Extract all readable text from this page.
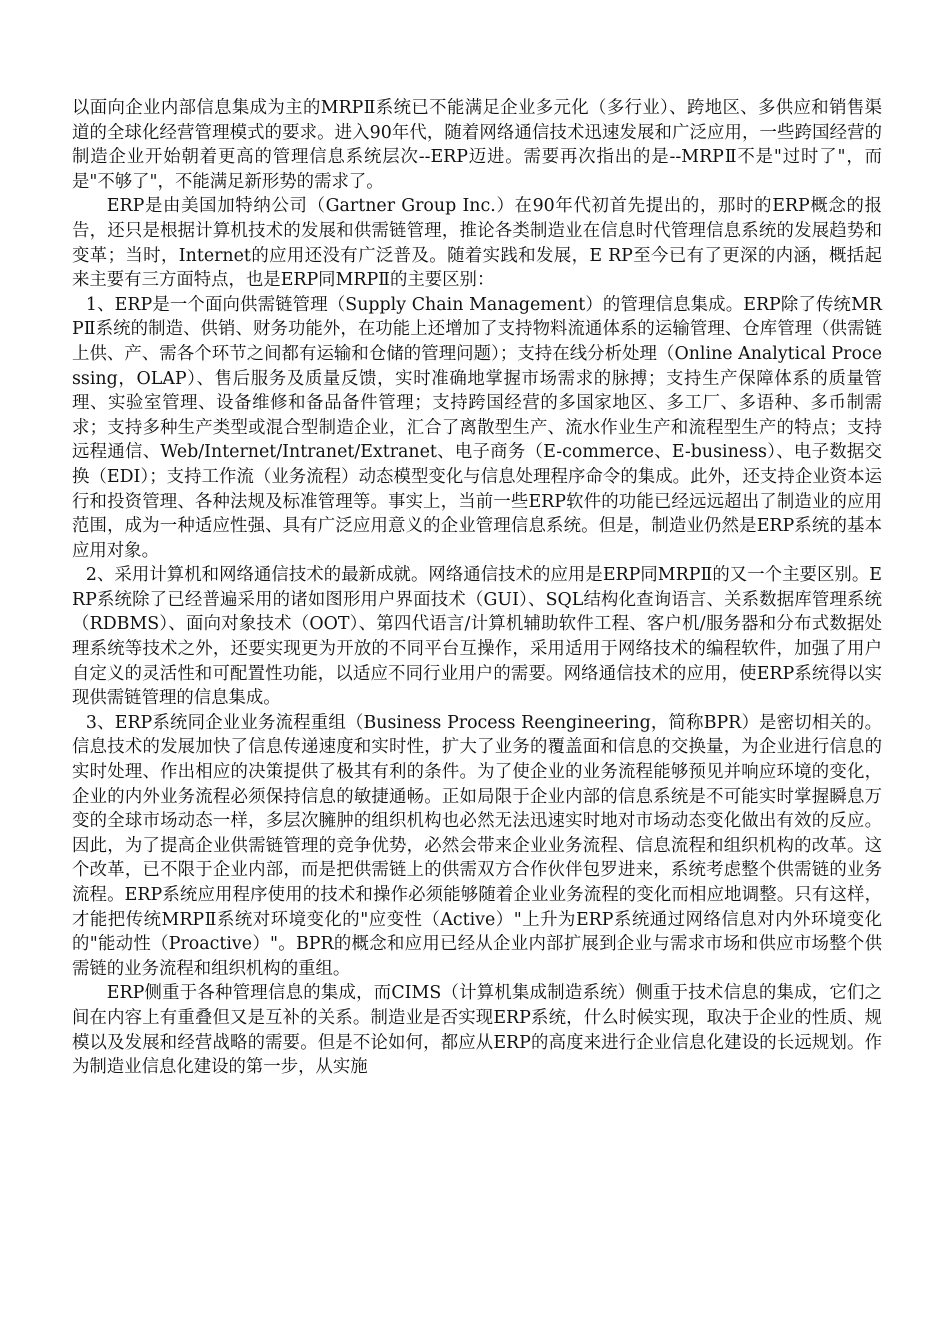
以面向企业内部信息集成为主的MRPⅡ系统已不能满足企业多元化（多行业）、跨地区、多供应和销售渠道的全球化经营管理模式的要求。进入90年代，随着网络通信技术迅速发展和广泛应用，一些跨国经营的制造企业开始朝着更高的管理信息系统层次--ERP迈进。需要再次指出的是--MRPⅡ不是"过时了"，而是"不够了"，不能满足新形势的需求了。

ERP是由美国加特纳公司（Gartner Group Inc.）在90年代初首先提出的，那时的ERP概念的报告，还只是根据计算机技术的发展和供需链管理，推论各类制造业在信息时代管理信息系统的发展趋势和变革；当时，Internet的应用还没有广泛普及。随着实践和发展，E RP至今已有了更深的内涵，概括起来主要有三方面特点，也是ERP同MRPⅡ的主要区别：

1、ERP是一个面向供需链管理（Supply Chain Management）的管理信息集成。ERP除了传统MRPⅡ系统的制造、供销、财务功能外，在功能上还增加了支持物料流通体系的运输管理、仓库管理（供需链上供、产、需各个环节之间都有运输和仓储的管理问题）；支持在线分析处理（Online Analytical Processing，OLAP）、售后服务及质量反馈，实时准确地掌握市场需求的脉搏；支持生产保障体系的质量管理、实验室管理、设备维修和备品备件管理；支持跨国经营的多国家地区、多工厂、多语种、多币制需求；支持多种生产类型或混合型制造企业，汇合了离散型生产、流水作业生产和流程型生产的特点；支持远程通信、Web/Internet/Intranet/Extranet、电子商务（E-commerce、E-business）、电子数据交换（EDI）；支持工作流（业务流程）动态模型变化与信息处理程序命令的集成。此外，还支持企业资本运行和投资管理、各种法规及标准管理等。事实上，当前一些ERP软件的功能已经远远超出了制造业的应用范围，成为一种适应性强、具有广泛应用意义的企业管理信息系统。但是，制造业仍然是ERP系统的基本应用对象。

2、采用计算机和网络通信技术的最新成就。网络通信技术的应用是ERP同MRPⅡ的又一个主要区别。ERP系统除了已经普遍采用的诸如图形用户界面技术（GUI）、SQL结构化查询语言、关系数据库管理系统（RDBMS）、面向对象技术（OOT）、第四代语言/计算机辅助软件工程、客户机/服务器和分布式数据处理系统等技术之外，还要实现更为开放的不同平台互操作，采用适用于网络技术的编程软件，加强了用户自定义的灵活性和可配置性功能，以适应不同行业用户的需要。网络通信技术的应用，使ERP系统得以实现供需链管理的信息集成。

3、ERP系统同企业业务流程重组（Business Process Reengineering，简称BPR）是密切相关的。信息技术的发展加快了信息传递速度和实时性，扩大了业务的覆盖面和信息的交换量，为企业进行信息的实时处理、作出相应的决策提供了极其有利的条件。为了使企业的业务流程能够预见并响应环境的变化，企业的内外业务流程必须保持信息的敏捷通畅。正如局限于企业内部的信息系统是不可能实时掌握瞬息万变的全球市场动态一样，多层次臃肿的组织机构也必然无法迅速实时地对市场动态变化做出有效的反应。因此，为了提高企业供需链管理的竞争优势，必然会带来企业业务流程、信息流程和组织机构的改革。这个改革，已不限于企业内部，而是把供需链上的供需双方合作伙伴包罗进来，系统考虑整个供需链的业务流程。ERP系统应用程序使用的技术和操作必须能够随着企业业务流程的变化而相应地调整。只有这样，才能把传统MRPⅡ系统对环境变化的"应变性（Active）"上升为ERP系统通过网络信息对内外环境变化的"能动性（Proactive）"。BPR的概念和应用已经从企业内部扩展到企业与需求市场和供应市场整个供需链的业务流程和组织机构的重组。

ERP侧重于各种管理信息的集成，而CIMS（计算机集成制造系统）侧重于技术信息的集成，它们之间在内容上有重叠但又是互补的关系。制造业是否实现ERP系统，什么时候实现，取决于企业的性质、规模以及发展和经营战略的需要。但是不论如何，都应从ERP的高度来进行企业信息化建设的长远规划。作为制造业信息化建设的第一步，从实施
